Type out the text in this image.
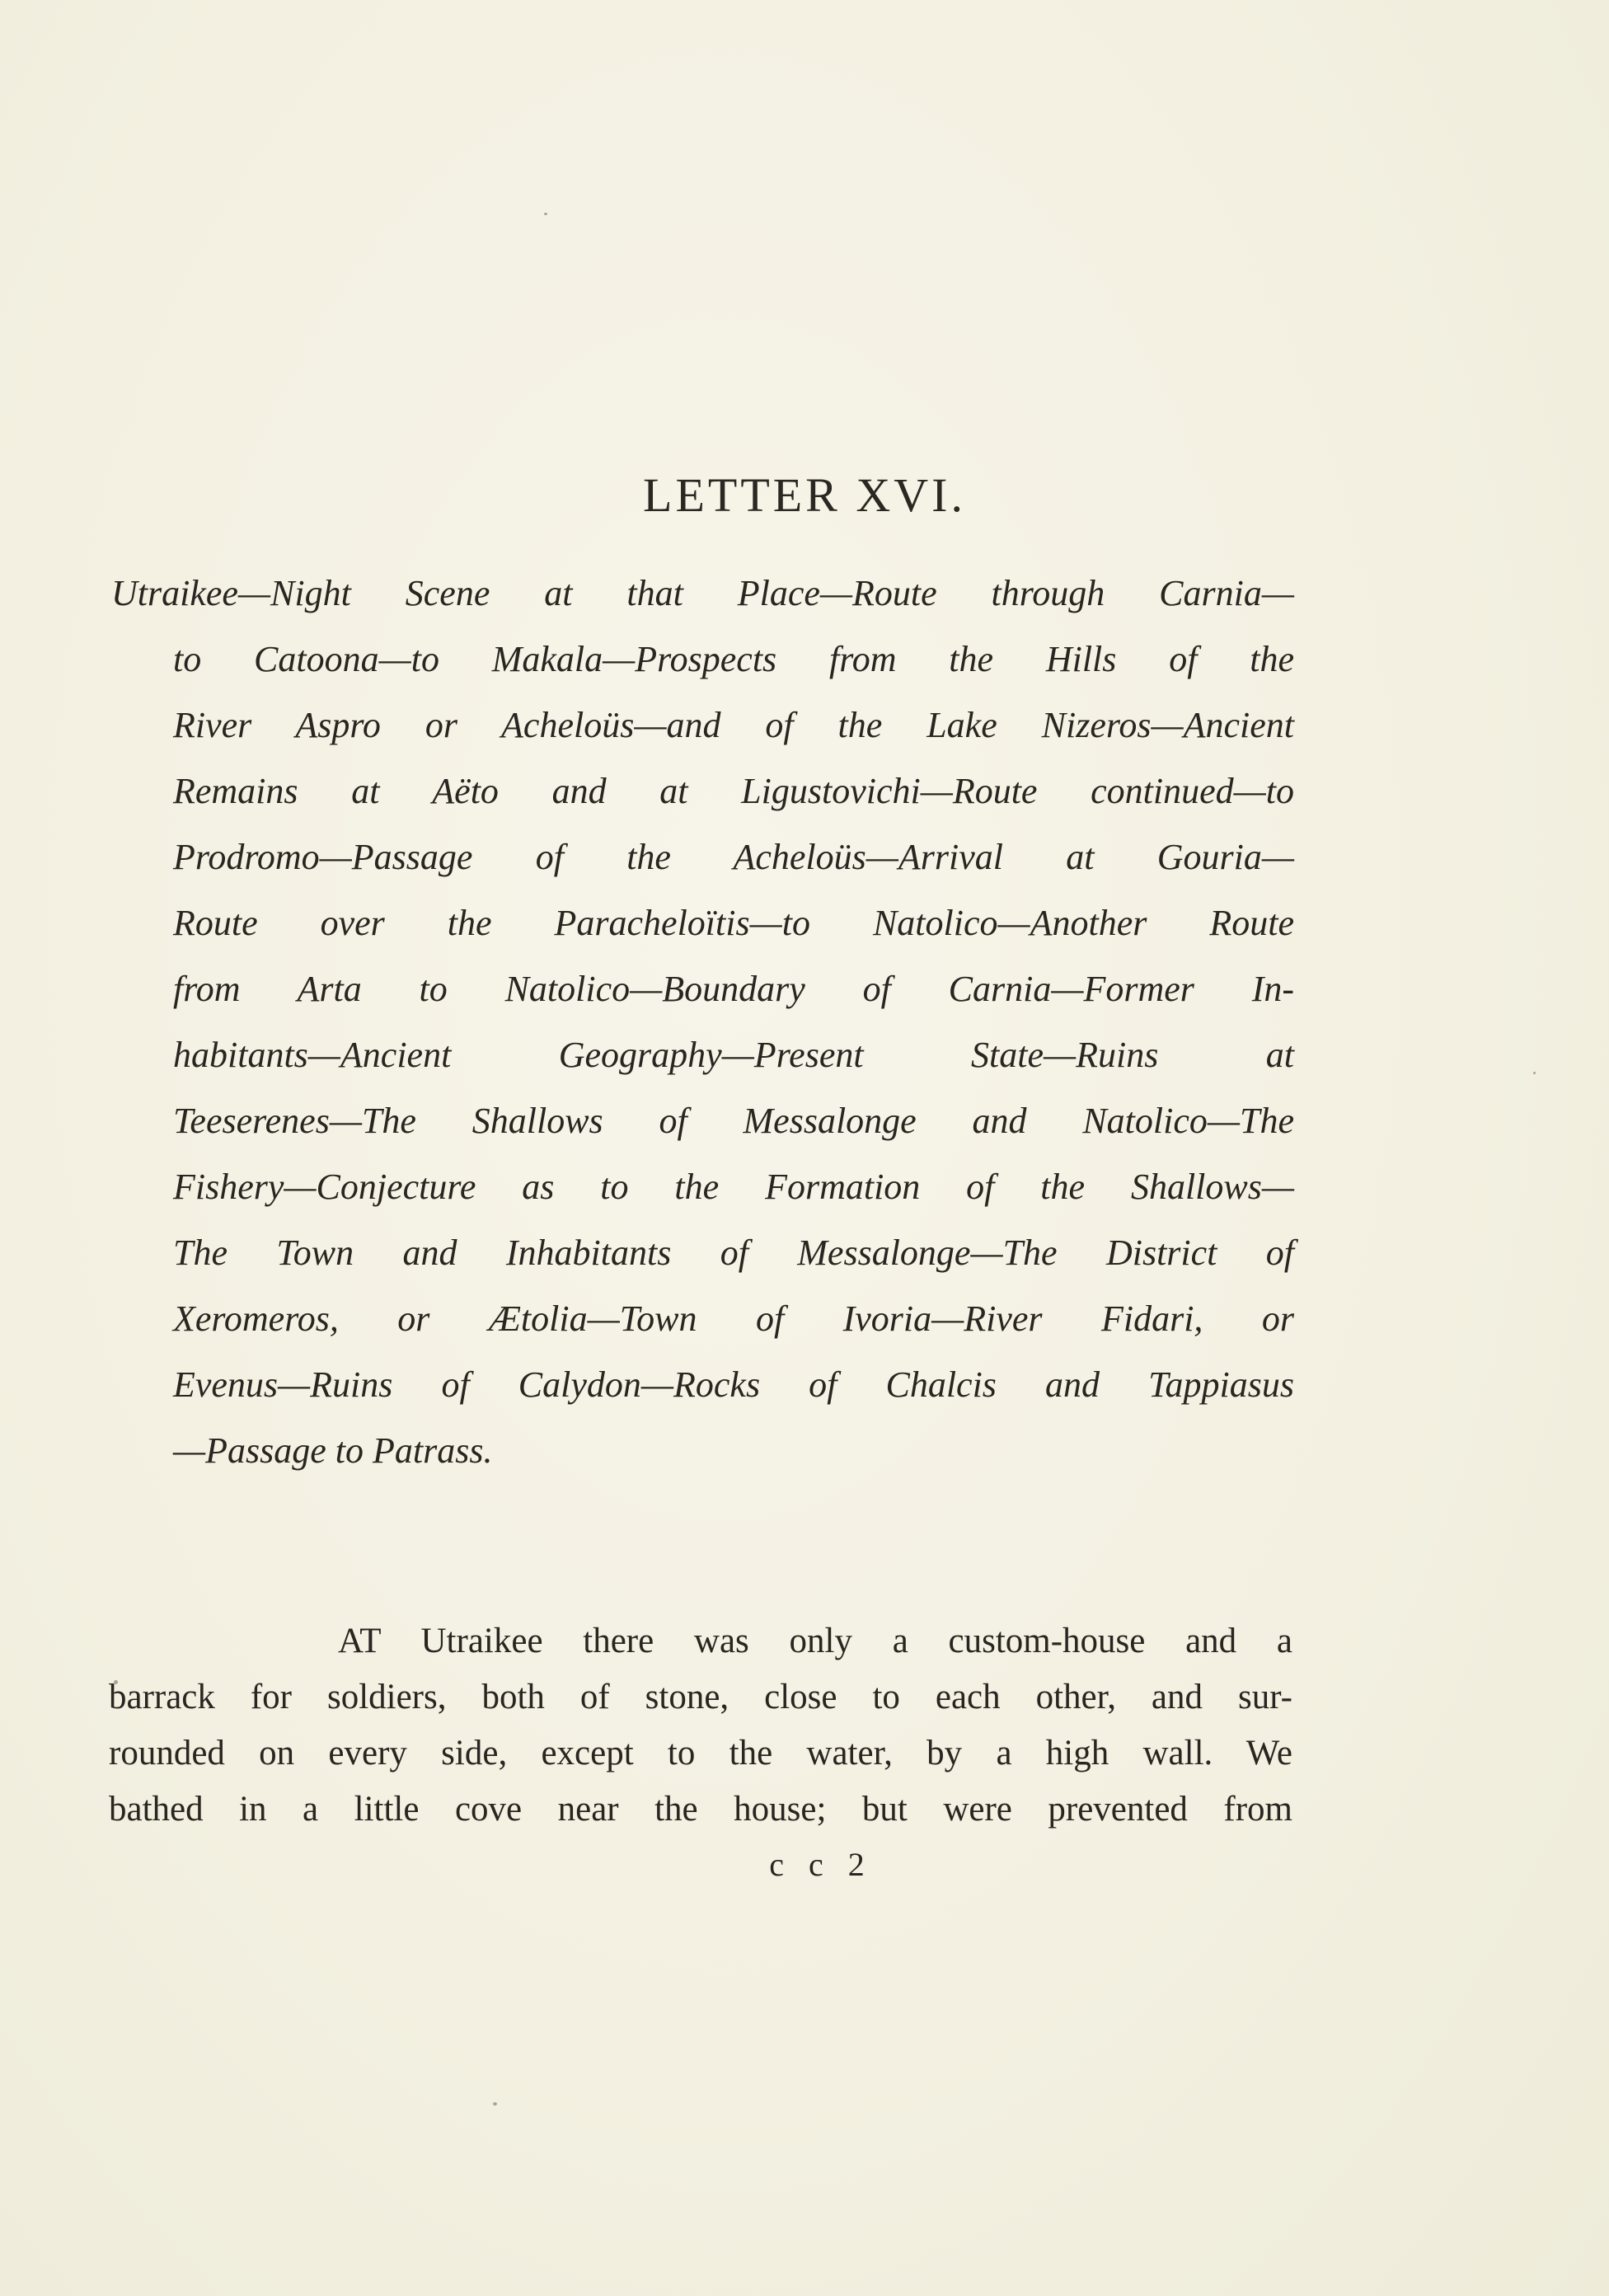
LETTER XVI.
Utraikee—Night Scene at that Place—Route through Carnia—
to Catoona—to Makala—Prospects from the Hills of the
River Aspro or Acheloüs—and of the Lake Nizeros—Ancient
Remains at Aëto and at Ligustovichi—Route continued—to
Prodromo—Passage of the Acheloüs—Arrival at Gouria—
Route over the Paracheloïtis—to Natolico—Another Route
from Arta to Natolico—Boundary of Carnia—Former In-
habitants—Ancient Geography—Present State—Ruins at
Teeserenes—The Shallows of Messalonge and Natolico—The
Fishery—Conjecture as to the Formation of the Shallows—
The Town and Inhabitants of Messalonge—The District of
Xeromeros, or Ætolia—Town of Ivoria—River Fidari, or
Evenus—Ruins of Calydon—Rocks of Chalcis and Tappiasus
—Passage to Patrass.
AT Utraikee there was only a custom-house and a
barrack for soldiers, both of stone, close to each other, and sur-
rounded on every side, except to the water, by a high wall. We
bathed in a little cove near the house; but were prevented from
c c 2
